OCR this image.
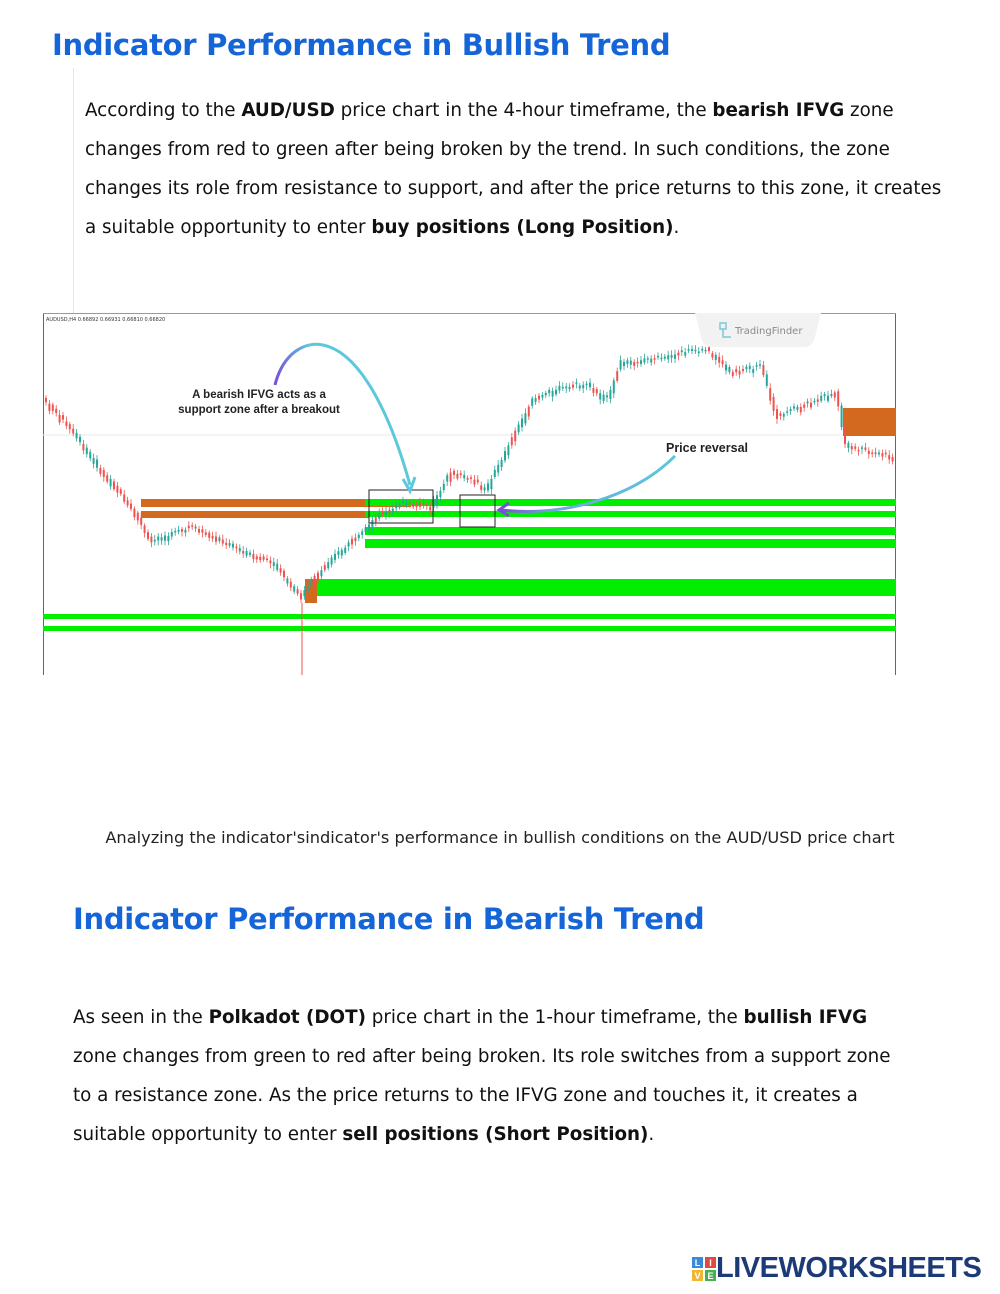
Indicator Performance in Bullish Trend

According to the AUD/USD price chart in the 4-hour timeframe, the bearish IFVG zone changes from red to green after being broken by the trend. In such conditions, the zone changes its role from resistance to support, and after the price returns to this zone, it creates a suitable opportunity to enter buy positions (Long Position).

AUDUSD,H4 0.66892 0.66931 0.66810 0.66820
TradingFinder
A bearish IFVG acts as a
support zone after a breakout
Price reversal

Analyzing the indicator'sindicator's performance in bullish conditions on the AUD/USD price chart

Indicator Performance in Bearish Trend

As seen in the Polkadot (DOT) price chart in the 1-hour timeframe, the bullish IFVG zone changes from green to red after being broken. Its role switches from a support zone to a resistance zone. As the price returns to the IFVG zone and touches it, it creates a suitable opportunity to enter sell positions (Short Position).

L I
V E LIVEWORKSHEETS
